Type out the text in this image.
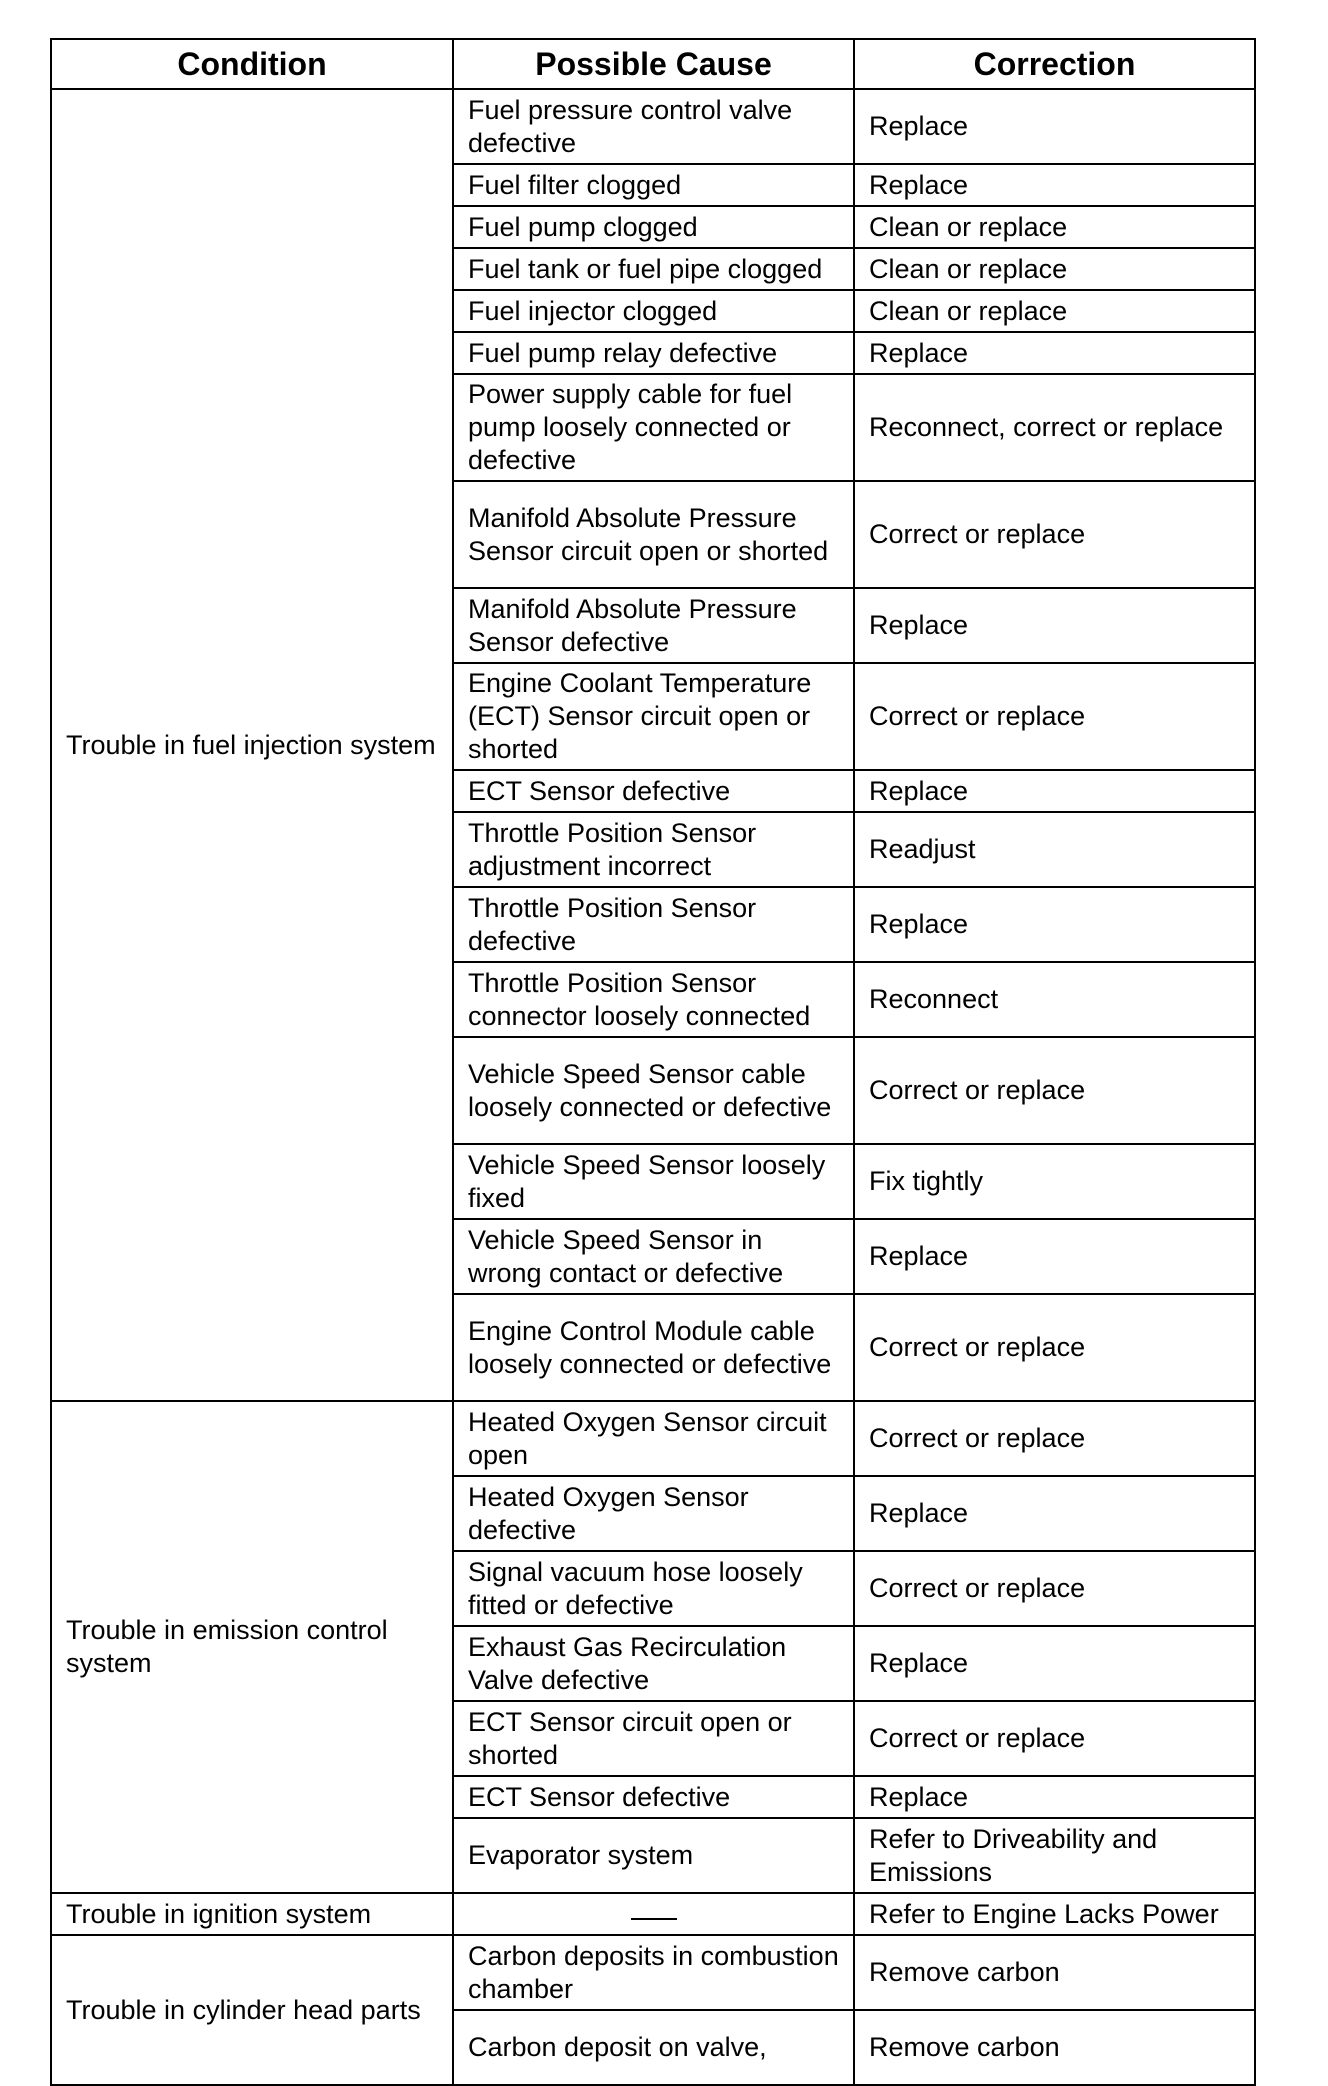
Condition	Possible Cause	Correction
Trouble in fuel injection system	Fuel pressure control valve defective	Replace
	Fuel filter clogged	Replace
	Fuel pump clogged	Clean or replace
	Fuel tank or fuel pipe clogged	Clean or replace
	Fuel injector clogged	Clean or replace
	Fuel pump relay defective	Replace
	Power supply cable for fuel pump loosely connected or defective	Reconnect, correct or replace
	Manifold Absolute Pressure Sensor circuit open or shorted	Correct or replace
	Manifold Absolute Pressure Sensor defective	Replace
	Engine Coolant Temperature (ECT) Sensor circuit open or shorted	Correct or replace
	ECT Sensor defective	Replace
	Throttle Position Sensor adjustment incorrect	Readjust
	Throttle Position Sensor defective	Replace
	Throttle Position Sensor connector loosely connected	Reconnect
	Vehicle Speed Sensor cable loosely connected or defective	Correct or replace
	Vehicle Speed Sensor loosely fixed	Fix tightly
	Vehicle Speed Sensor in wrong contact or defective	Replace
	Engine Control Module cable loosely connected or defective	Correct or replace
Trouble in emission control system	Heated Oxygen Sensor circuit open	Correct or replace
	Heated Oxygen Sensor defective	Replace
	Signal vacuum hose loosely fitted or defective	Correct or replace
	Exhaust Gas Recirculation Valve defective	Replace
	ECT Sensor circuit open or shorted	Correct or replace
	ECT Sensor defective	Replace
	Evaporator system	Refer to Driveability and Emissions
Trouble in ignition system		Refer to Engine Lacks Power
Trouble in cylinder head parts	Carbon deposits in combustion chamber	Remove carbon
	Carbon deposit on valve,	Remove carbon
